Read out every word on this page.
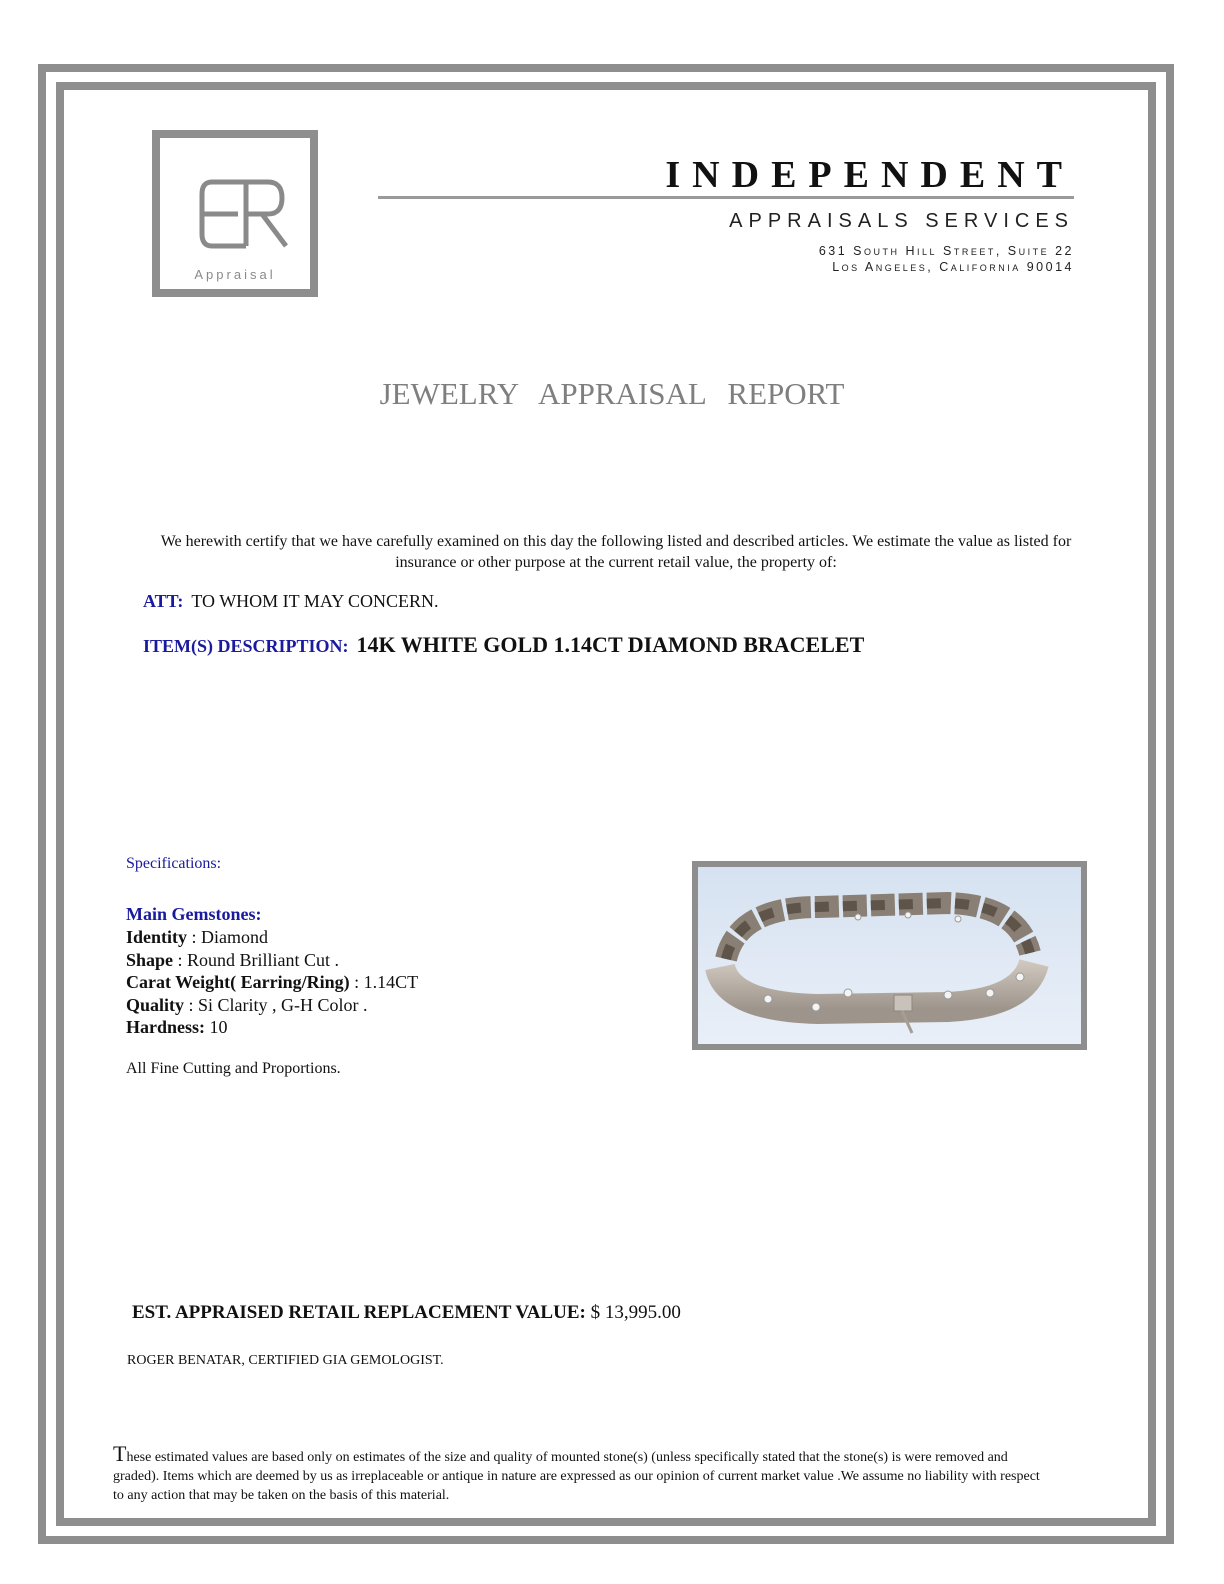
Appraisal
INDEPENDENT
APPRAISALS SERVICES
631 South Hill Street, Suite 22
Los Angeles, California 90014
JEWELRY APPRAISAL REPORT
We herewith certify that we have carefully examined on this day the following listed and described articles. We estimate the value as listed for insurance or other purpose at the current retail value, the property of:
ATT: TO WHOM IT MAY CONCERN.
ITEM(S) DESCRIPTION: 14K WHITE GOLD 1.14CT DIAMOND BRACELET
Specifications:
Main Gemstones:
Identity : Diamond
Shape : Round Brilliant Cut .
Carat Weight( Earring/Ring) : 1.14CT
Quality : Si Clarity , G-H Color .
Hardness: 10
All Fine Cutting and Proportions.
EST. APPRAISED RETAIL REPLACEMENT VALUE: $ 13,995.00
ROGER BENATAR, CERTIFIED GIA GEMOLOGIST.
These estimated values are based only on estimates of the size and quality of mounted stone(s) (unless specifically stated that the stone(s) is were removed and graded). Items which are deemed by us as irreplaceable or antique in nature are expressed as our opinion of current market value .We assume no liability with respect to any action that may be taken on the basis of this material.
